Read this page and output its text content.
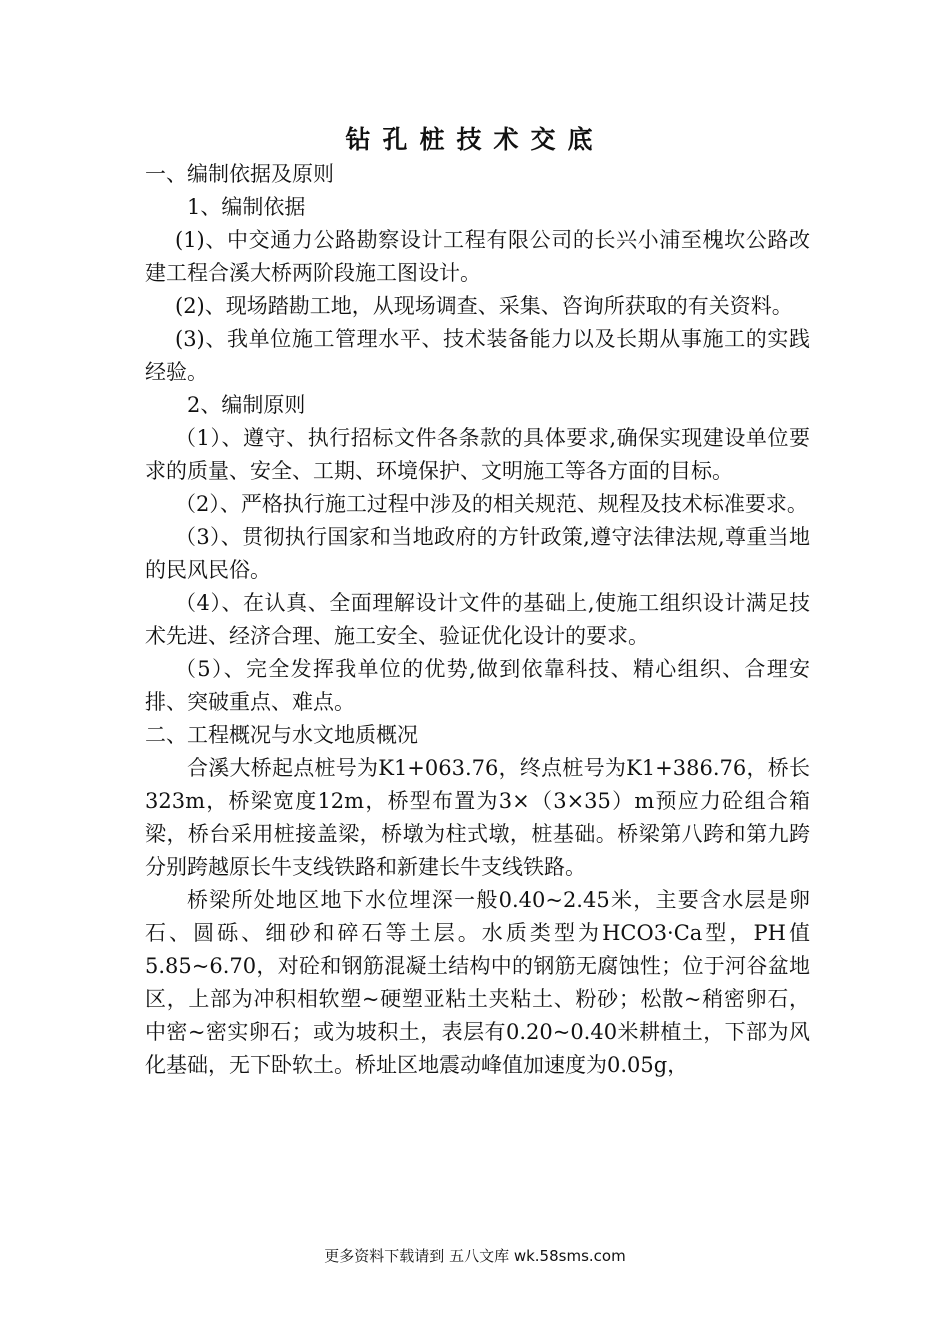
钻孔桩技术交底

一、编制依据及原则

1、编制依据

(1)、中交通力公路勘察设计工程有限公司的长兴小浦至槐坎公路改建工程合溪大桥两阶段施工图设计。

(2)、现场踏勘工地，从现场调查、采集、咨询所获取的有关资料。

(3)、我单位施工管理水平、技术装备能力以及长期从事施工的实践经验。

2、编制原则

（1）、遵守、执行招标文件各条款的具体要求,确保实现建设单位要求的质量、安全、工期、环境保护、文明施工等各方面的目标。

（2）、严格执行施工过程中涉及的相关规范、规程及技术标准要求。

（3）、贯彻执行国家和当地政府的方针政策,遵守法律法规,尊重当地的民风民俗。

（4）、在认真、全面理解设计文件的基础上,使施工组织设计满足技术先进、经济合理、施工安全、验证优化设计的要求。

（5）、完全发挥我单位的优势,做到依靠科技、精心组织、合理安排、突破重点、难点。

二、工程概况与水文地质概况

合溪大桥起点桩号为K1+063.76，终点桩号为K1+386.76，桥长323m，桥梁宽度12m，桥型布置为3×（3×35）m预应力砼组合箱梁，桥台采用桩接盖梁，桥墩为柱式墩，桩基础。桥梁第八跨和第九跨分别跨越原长牛支线铁路和新建长牛支线铁路。

桥梁所处地区地下水位埋深一般0.40~2.45米，主要含水层是卵石、圆砾、细砂和碎石等土层。水质类型为HCO3·Ca型，PH值5.85~6.70，对砼和钢筋混凝土结构中的钢筋无腐蚀性；位于河谷盆地区，上部为冲积相软塑~硬塑亚粘土夹粘土、粉砂；松散~稍密卵石，中密~密实卵石；或为坡积土，表层有0.20~0.40米耕植土，下部为风化基础，无下卧软土。桥址区地震动峰值加速度为0.05g，

更多资料下载请到 五八文库 wk.58sms.com
